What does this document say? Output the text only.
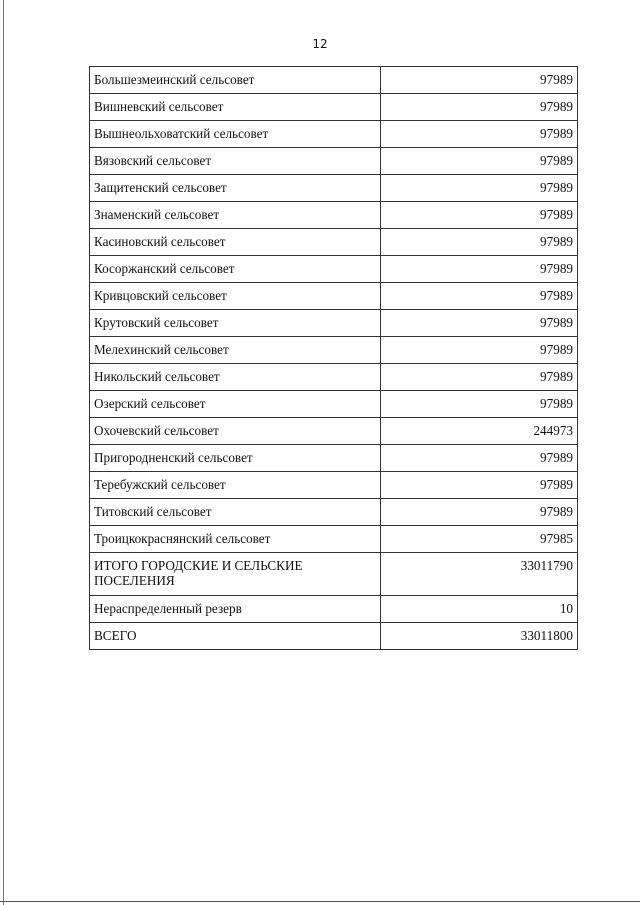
12
Большезмеинский сельсовет	97989
Вишневский сельсовет	97989
Вышнеольховатский сельсовет	97989
Вязовский сельсовет	97989
Защитенский сельсовет	97989
Знаменский сельсовет	97989
Касиновский сельсовет	97989
Косоржанский сельсовет	97989
Кривцовский сельсовет	97989
Крутовский сельсовет	97989
Мелехинский сельсовет	97989
Никольский сельсовет	97989
Озерский сельсовет	97989
Охочевский сельсовет	244973
Пригородненский сельсовет	97989
Теребужский сельсовет	97989
Титовский сельсовет	97989
Троицкокраснянский сельсовет	97985
ИТОГО ГОРОДСКИЕ И СЕЛЬСКИЕ ПОСЕЛЕНИЯ	33011790
Нераспределенный резерв	10
ВСЕГО	33011800
